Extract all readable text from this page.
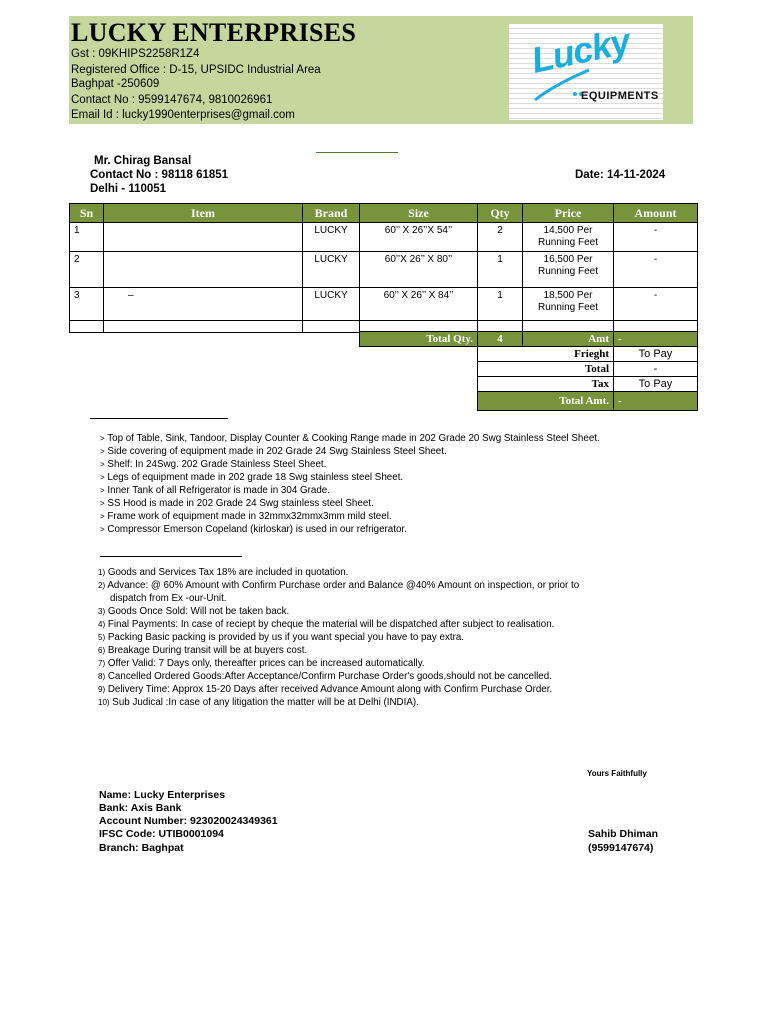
LUCKY ENTERPRISES
Gst : 09KHIPS2258R1Z4
Registered Office : D-15, UPSIDC Industrial Area
Baghpat -250609
Contact No : 9599147674, 9810026961
Email Id : lucky1990enterprises@gmail.com
Lucky
EQUIPMENTS
Mr. Chirag Bansal
Contact No : 98118 61851
Delhi - 110051
Date: 14-11-2024
Sn	Item	Brand	Size	Qty	Price	Amount
1		LUCKY	60’’ X 26’’X 54’’	2	14,500 Per Running Feet	-
2		LUCKY	60’’X 26’’ X 80’’	1	16,500 Per Running Feet	-
3	–	LUCKY	60’’ X 26’’ X 84’’	1	18,500 Per Running Feet	-

Total Qty.	4	Amt	-
	Frieght		To Pay
	Total		-
	Tax		To Pay
	Total Amt.		-
> Top of Table, Sink, Tandoor, Display Counter & Cooking Range made in 202 Grade 20 Swg Stainless Steel Sheet.
> Side covering of equipment made in 202 Grade 24 Swg Stainless Steel Sheet.
> Shelf: In 24Swg. 202 Grade Stainless Steel Sheet.
> Legs of equipment made in 202 grade 18 Swg stainless steel Sheet.
> Inner Tank of all Refrigerator is made in 304 Grade.
> SS Hood is made in 202 Grade 24 Swg stainless steel Sheet.
> Frame work of equipment made in 32mmx32mmx3mm mild steel.
> Compressor Emerson Copeland (kirloskar) is used in our refrigerator.
1) Goods and Services Tax 18% are included in quotation.
2) Advance: @ 60% Amount with Confirm Purchase order and Balance @40% Amount on inspection, or prior to
dispatch from Ex -our-Unit.
3) Goods Once Sold: Will not be taken back.
4) Final Payments: In case of reciept by cheque the material will be dispatched after subject to realisation.
5) Packing Basic packing is provided by us if you want special you have to pay extra.
6) Breakage During transit will be at buyers cost.
7) Offer Valid: 7 Days only, thereafter prices can be increased automatically.
8) Cancelled Ordered Goods:After Acceptance/Confirm Purchase Order's goods,should not be cancelled.
9) Delivery Time: Approx 15-20 Days after received Advance Amount along with Confirm Purchase Order.
10) Sub Judical :In case of any litigation the matter will be at Delhi (INDIA).
Yours Faithfully
Name: Lucky Enterprises
Bank: Axis Bank
Account Number: 923020024349361
IFSC Code: UTIB0001094
Branch: Baghpat
Sahib Dhiman
(9599147674)
